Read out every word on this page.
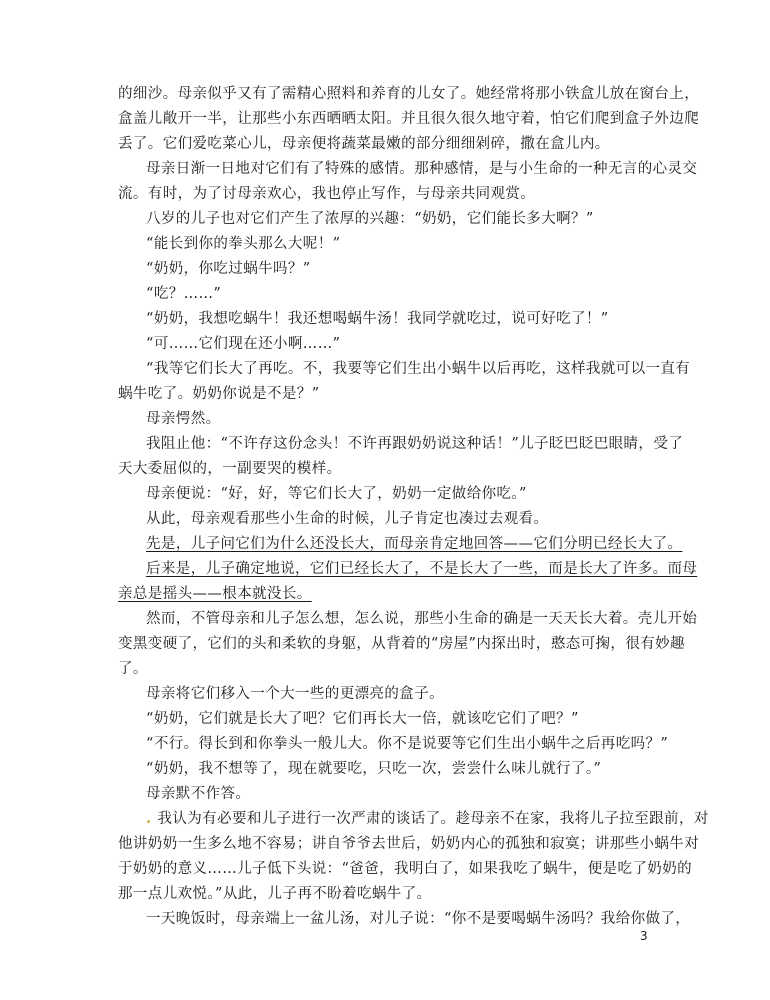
的细沙。母亲似乎又有了需精心照料和养育的儿女了。她经常将那小铁盒儿放在窗台上，
盒盖儿敞开一半，让那些小东西晒晒太阳。并且很久很久地守着，怕它们爬到盒子外边爬
丢了。它们爱吃菜心儿，母亲便将蔬菜最嫩的部分细细剁碎，撒在盒儿内。
母亲日渐一日地对它们有了特殊的感情。那种感情，是与小生命的一种无言的心灵交
流。有时，为了讨母亲欢心，我也停止写作，与母亲共同观赏。
八岁的儿子也对它们产生了浓厚的兴趣：“奶奶，它们能长多大啊？”
“能长到你的拳头那么大呢！”
“奶奶，你吃过蜗牛吗？”
“吃？……”
“奶奶，我想吃蜗牛！我还想喝蜗牛汤！我同学就吃过，说可好吃了！”
“可……它们现在还小啊……”
“我等它们长大了再吃。不，我要等它们生出小蜗牛以后再吃，这样我就可以一直有
蜗牛吃了。奶奶你说是不是？”
母亲愕然。
我阻止他：“不许存这份念头！不许再跟奶奶说这种话！”儿子眨巴眨巴眼睛，受了
天大委屈似的，一副要哭的模样。
母亲便说：“好，好，等它们长大了，奶奶一定做给你吃。”
从此，母亲观看那些小生命的时候，儿子肯定也凑过去观看。
先是，儿子问它们为什么还没长大，而母亲肯定地回答——它们分明已经长大了。
后来是，儿子确定地说，它们已经长大了，不是长大了一些，而是长大了许多。而母
亲总是摇头——根本就没长。
然而，不管母亲和儿子怎么想，怎么说，那些小生命的确是一天天长大着。壳儿开始
变黑变硬了，它们的头和柔软的身躯，从背着的“房屋”内探出时，憨态可掬，很有妙趣
了。
母亲将它们移入一个大一些的更漂亮的盒子。
“奶奶，它们就是长大了吧？它们再长大一倍，就该吃它们了吧？”
“不行。得长到和你拳头一般儿大。你不是说要等它们生出小蜗牛之后再吃吗？”
“奶奶，我不想等了，现在就要吃，只吃一次，尝尝什么味儿就行了。”
母亲默不作答。
. 我认为有必要和儿子进行一次严肃的谈话了。趁母亲不在家，我将儿子拉至跟前，对
他讲奶奶一生多么地不容易；讲自爷爷去世后，奶奶内心的孤独和寂寞；讲那些小蜗牛对
于奶奶的意义……儿子低下头说：“爸爸，我明白了，如果我吃了蜗牛，便是吃了奶奶的
那一点儿欢悦。”从此，儿子再不盼着吃蜗牛了。
一天晚饭时，母亲端上一盆儿汤，对儿子说：“你不是要喝蜗牛汤吗？我给你做了，
3
